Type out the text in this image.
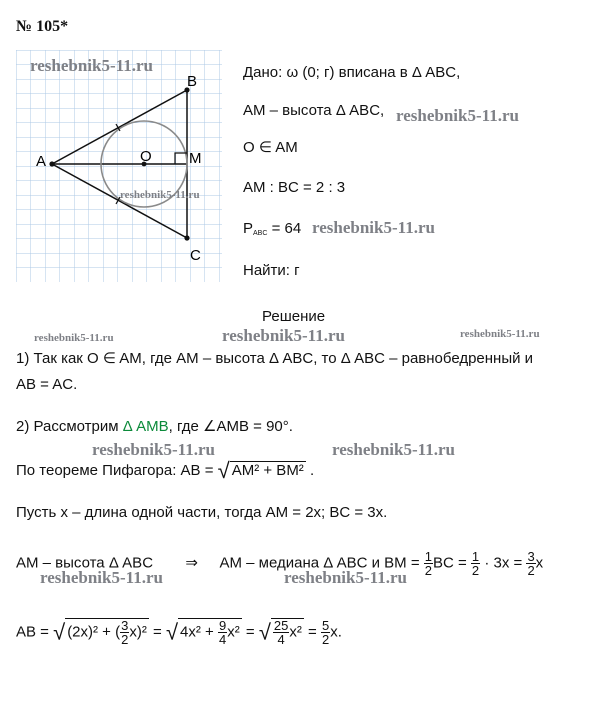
№ 105*
A
B
C
O M
Дано: ω (0; г) вписана в Δ ABC,
AM – высота Δ ABC,
O ∈ AM
AM : BC = 2 : 3
$P_{ABC} = 64$
Найти: г
Решение
1) Так как O ∈ AM, где AM – высота Δ ABC, то Δ ABC – равнобедренный и
AB = AC.
2) Рассмотрим Δ AMB, где ∠AMB = 90°.
По теореме Пифагора: AB = √ AM² + BM² .
Пусть x – длина одной части, тогда AM = 2x; BC = 3x.
AM – высота Δ ABC ⇒ AM – медиана Δ ABC и BM = $\frac{1}{2}$ BC = $\frac{1}{2} \cdot 3x = \frac{3}{2}$ x
AB = √ (2x)² + ( $\frac{3}{2} x)^2$ = √ $4x^2 + \frac{9}{4} x^2$ = √ $\frac{25}{4} x^2 = \frac{5}{2} x$.
reshebnik5-11.ru
reshebnik5-11.ru
reshebnik5-11.ru
reshebnik5-11.ru
reshebnik5-11.ru	reshebnik5-11.ru	reshebnik5-11.ru
reshebnik5-11.ru	reshebnik5-11.ru
reshebnik5-11.ru	reshebnik5-11.ru
